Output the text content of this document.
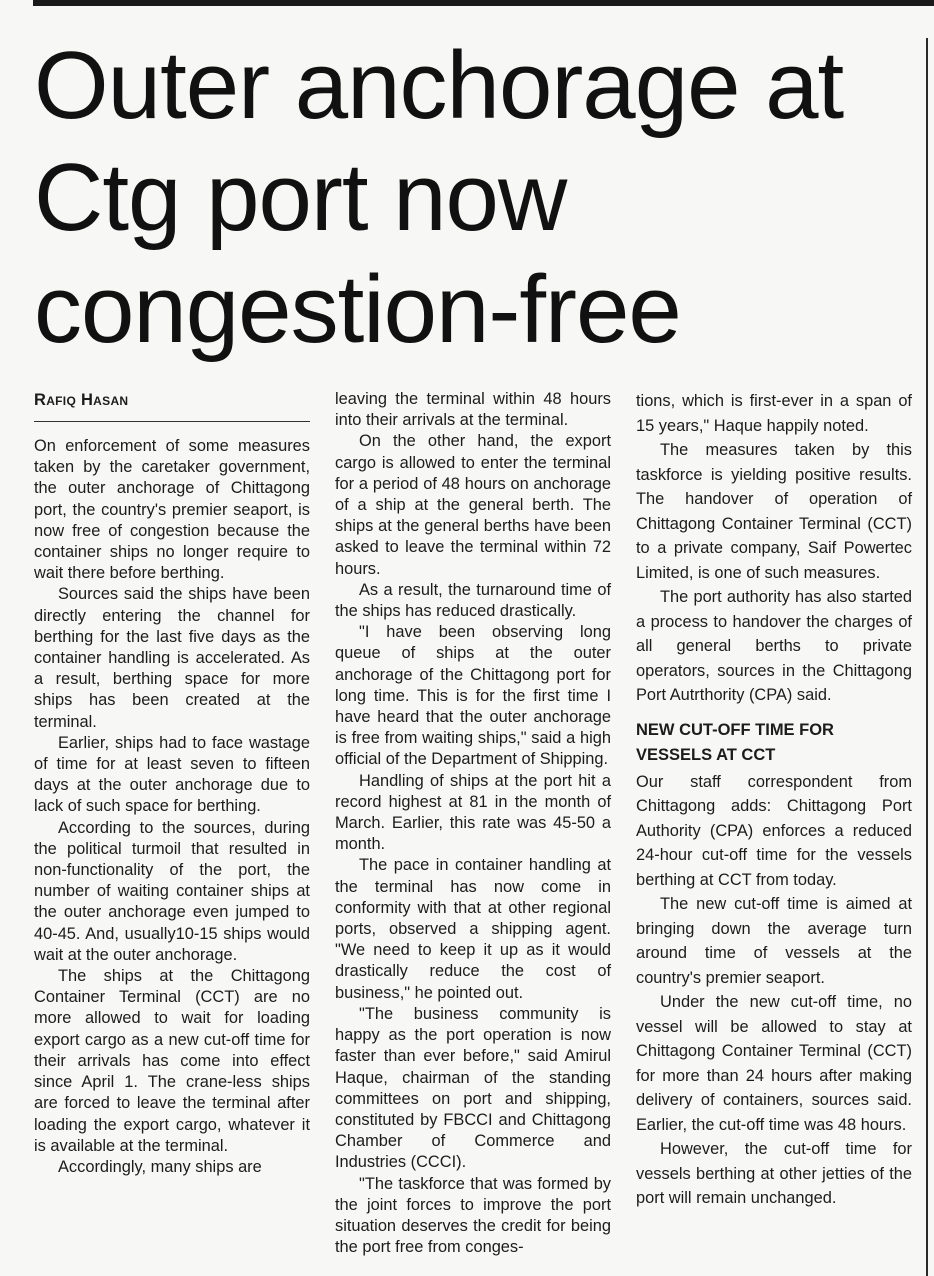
Outer anchorage at
Ctg port now
congestion-free
Rafiq Hasan

On enforcement of some measures taken by the caretaker government, the outer anchorage of Chittagong port, the country's premier seaport, is now free of congestion because the container ships no longer require to wait there before berthing.

Sources said the ships have been directly entering the channel for berthing for the last five days as the container handling is accelerated. As a result, berthing space for more ships has been created at the terminal.

Earlier, ships had to face wastage of time for at least seven to fifteen days at the outer anchorage due to lack of such space for berthing.

According to the sources, during the political turmoil that resulted in non-functionality of the port, the number of waiting container ships at the outer anchorage even jumped to 40-45. And, usually10-15 ships would wait at the outer anchorage.

The ships at the Chittagong Container Terminal (CCT) are no more allowed to wait for loading export cargo as a new cut-off time for their arrivals has come into effect since April 1. The crane-less ships are forced to leave the terminal after loading the export cargo, whatever it is available at the terminal.

Accordingly, many ships are

leaving the terminal within 48 hours into their arrivals at the terminal.

On the other hand, the export cargo is allowed to enter the terminal for a period of 48 hours on anchorage of a ship at the general berth. The ships at the general berths have been asked to leave the terminal within 72 hours.

As a result, the turnaround time of the ships has reduced drastically.

"I have been observing long queue of ships at the outer anchorage of the Chittagong port for long time. This is for the first time I have heard that the outer anchorage is free from waiting ships," said a high official of the Department of Shipping.

Handling of ships at the port hit a record highest at 81 in the month of March. Earlier, this rate was 45-50 a month.

The pace in container handling at the terminal has now come in conformity with that at other regional ports, observed a shipping agent. "We need to keep it up as it would drastically reduce the cost of business," he pointed out.

"The business community is happy as the port operation is now faster than ever before," said Amirul Haque, chairman of the standing committees on port and shipping, constituted by FBCCI and Chittagong Chamber of Commerce and Industries (CCCI).

"The taskforce that was formed by the joint forces to improve the port situation deserves the credit for being the port free from conges-

tions, which is first-ever in a span of 15 years," Haque happily noted.

The measures taken by this taskforce is yielding positive results. The handover of operation of Chittagong Container Terminal (CCT) to a private company, Saif Powertec Limited, is one of such measures.

The port authority has also started a process to handover the charges of all general berths to private operators, sources in the Chittagong Port Autrthority (CPA) said.

NEW CUT-OFF TIME FOR VESSELS AT CCT

Our staff correspondent from Chittagong adds: Chittagong Port Authority (CPA) enforces a reduced 24-hour cut-off time for the vessels berthing at CCT from today.

The new cut-off time is aimed at bringing down the average turn around time of vessels at the country's premier seaport.

Under the new cut-off time, no vessel will be allowed to stay at Chittagong Container Terminal (CCT) for more than 24 hours after making delivery of containers, sources said. Earlier, the cut-off time was 48 hours.

However, the cut-off time for vessels berthing at other jetties of the port will remain unchanged.
